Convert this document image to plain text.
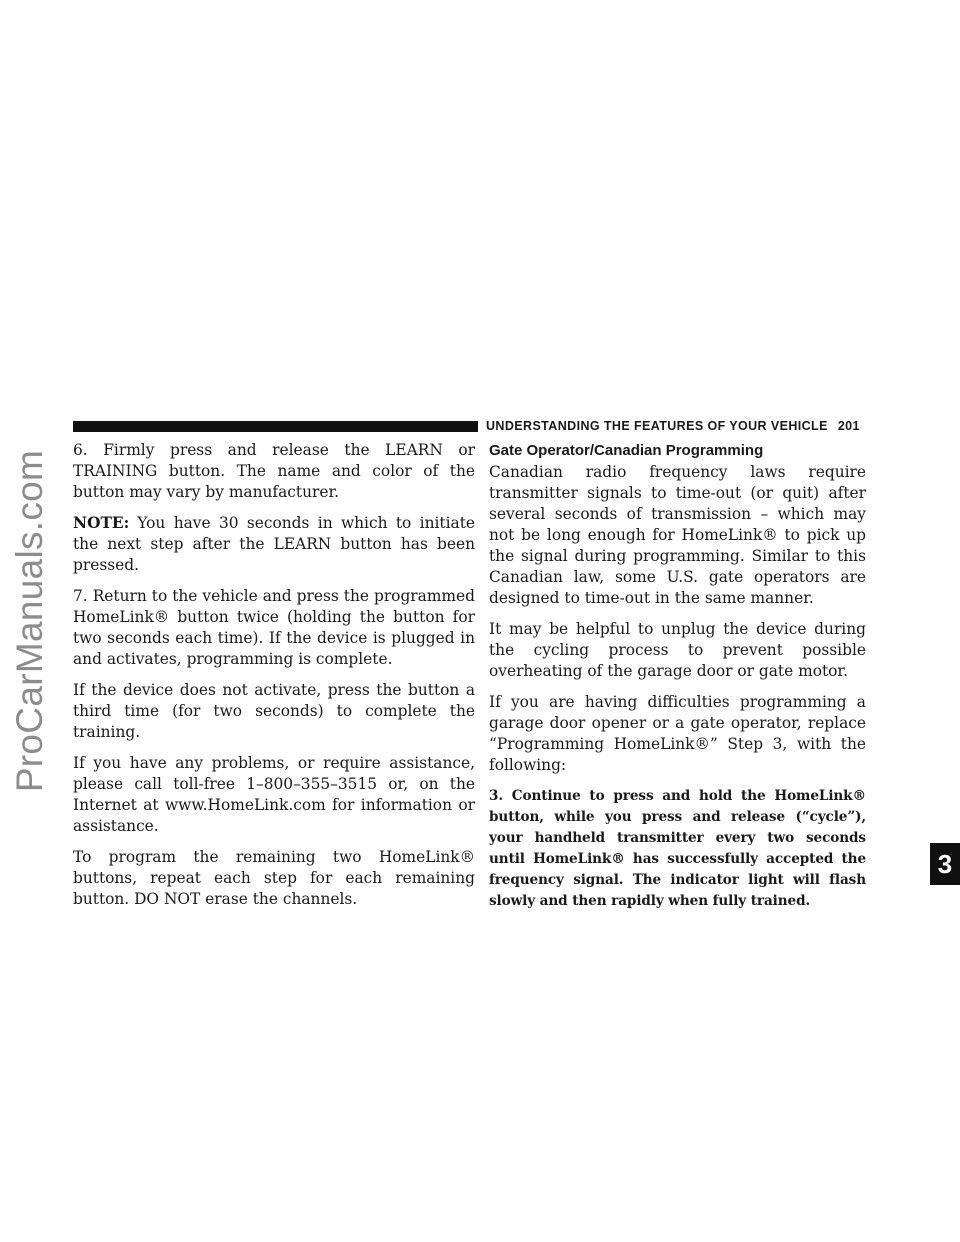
ProCarManuals.com
UNDERSTANDING THE FEATURES OF YOUR VEHICLE 201
3

6. Firmly press and release the LEARN or TRAINING button. The name and color of the button may vary by manufacturer.

NOTE: You have 30 seconds in which to initiate the next step after the LEARN button has been pressed.

7. Return to the vehicle and press the programmed HomeLink® button twice (holding the button for two seconds each time). If the device is plugged in and activates, programming is complete.

If the device does not activate, press the button a third time (for two seconds) to complete the training.

If you have any problems, or require assistance, please call toll-free 1–800–355–3515 or, on the Internet at www.HomeLink.com for information or assistance.

To program the remaining two HomeLink® buttons, repeat each step for each remaining button. DO NOT erase the channels.

Gate Operator/Canadian Programming

Canadian radio frequency laws require transmitter signals to time-out (or quit) after several seconds of transmission – which may not be long enough for HomeLink® to pick up the signal during programming. Similar to this Canadian law, some U.S. gate operators are designed to time-out in the same manner.

It may be helpful to unplug the device during the cycling process to prevent possible overheating of the garage door or gate motor.

If you are having difficulties programming a garage door opener or a gate operator, replace “Programming HomeLink®” Step 3, with the following:

3. Continue to press and hold the HomeLink® button, while you press and release (“cycle”), your handheld transmitter every two seconds until HomeLink® has successfully accepted the frequency signal. The indicator light will flash slowly and then rapidly when fully trained.
